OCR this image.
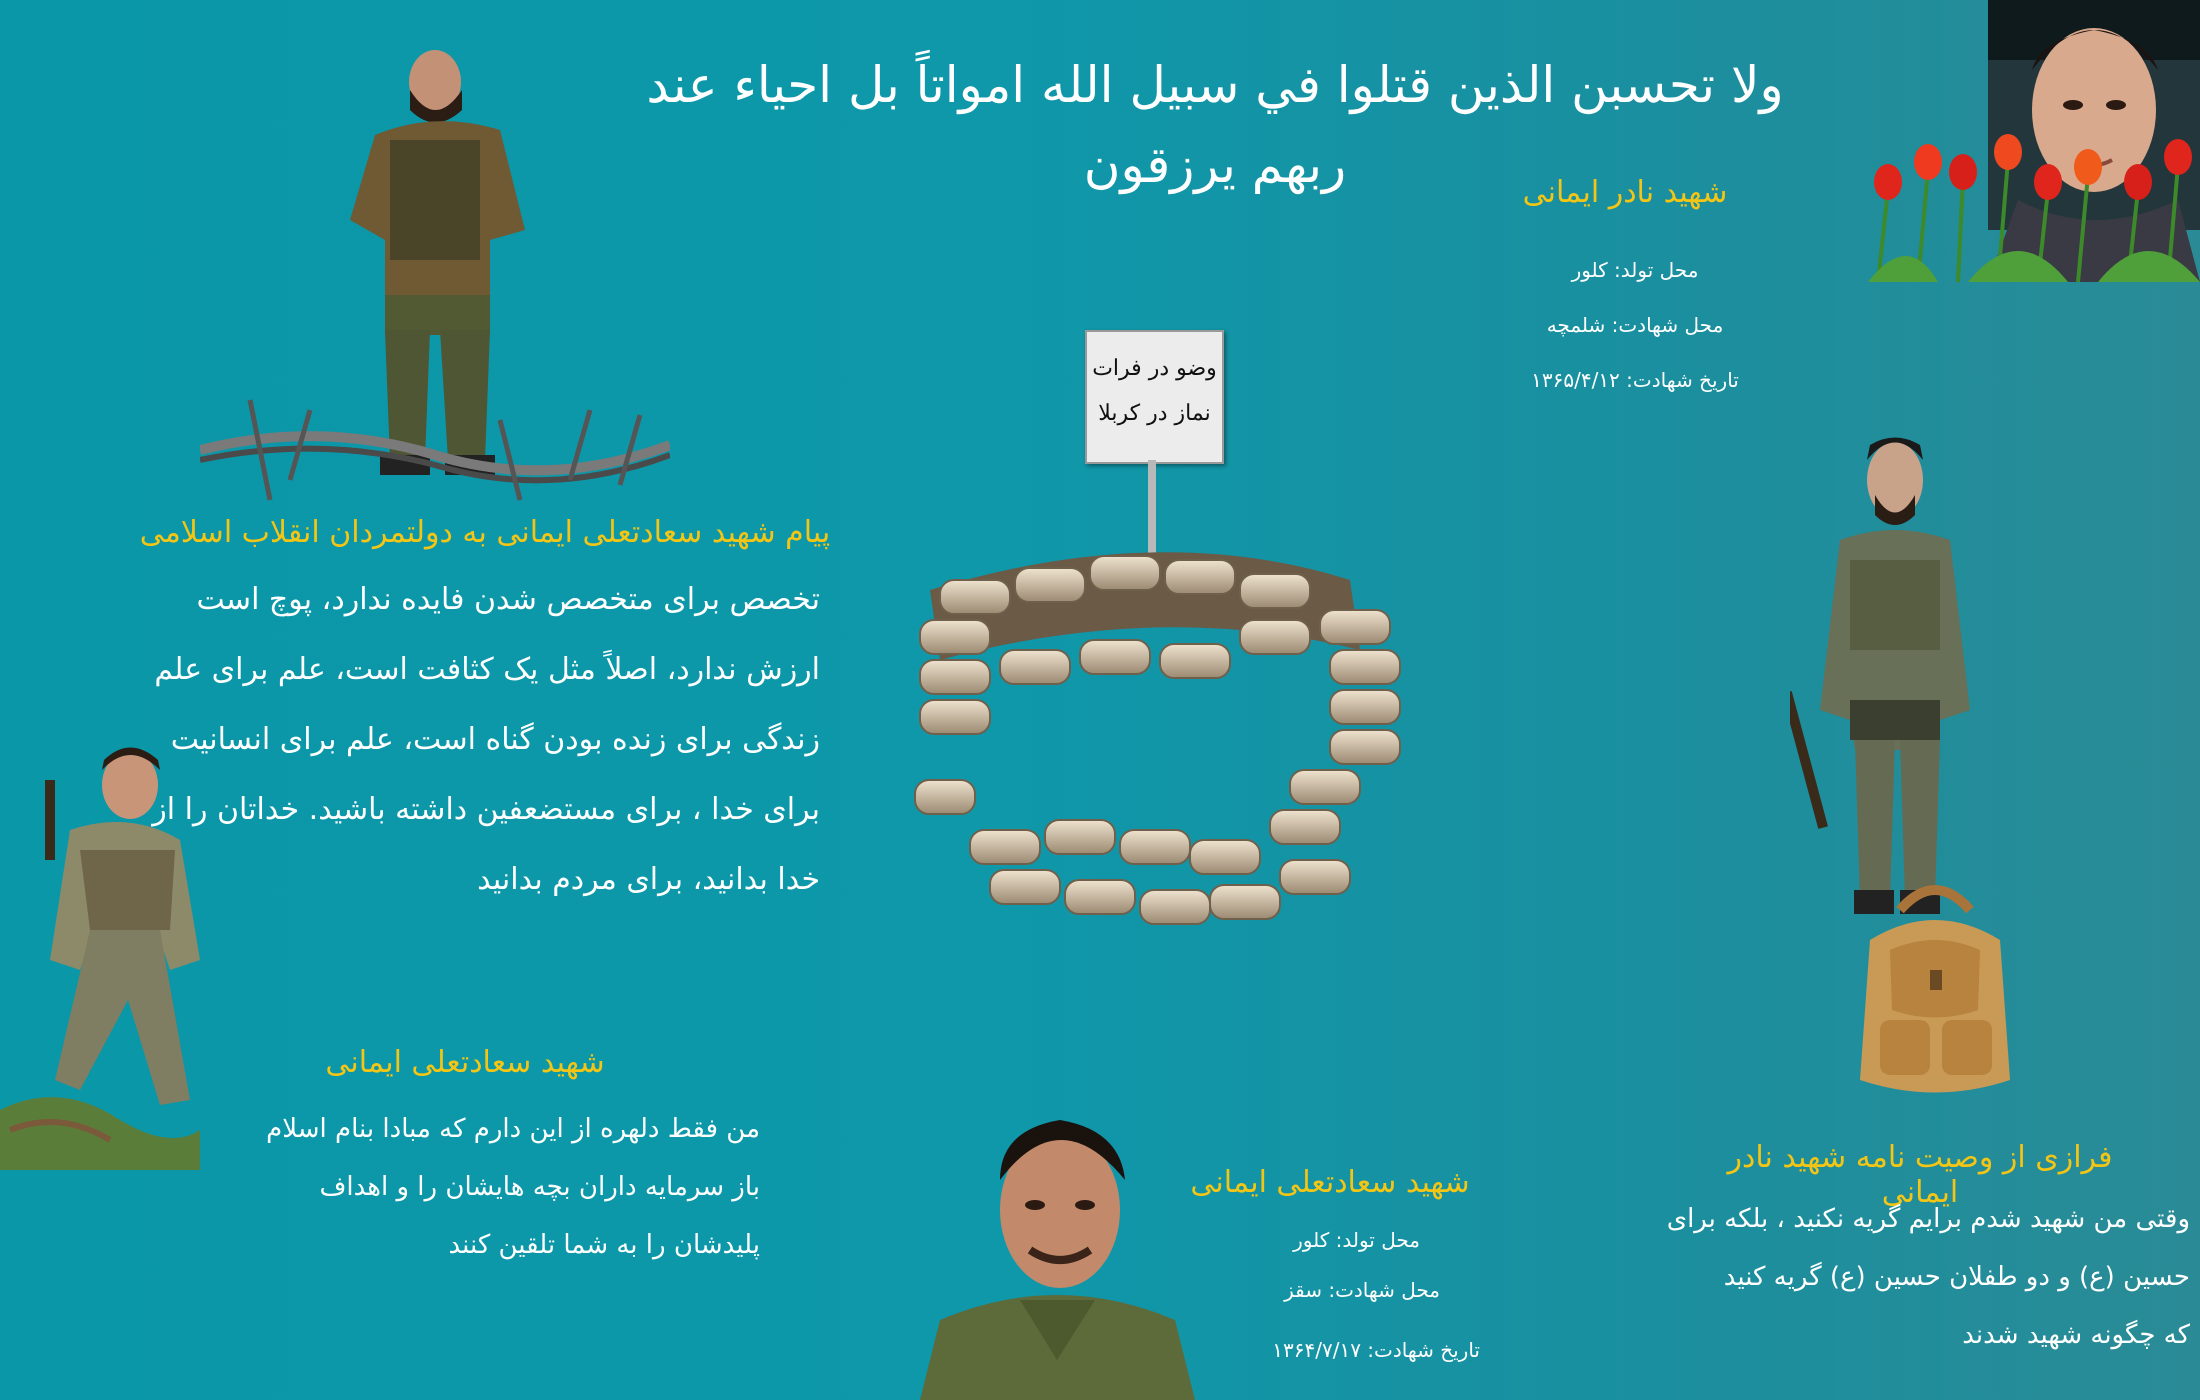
ولا تحسبن الذين قتلوا في سبيل الله امواتاً بل احياء عند ربهم يرزقون	شهید نادر ایمانی
محل تولد: کلور
محل شهادت: شلمچه
تاریخ شهادت: ۱۳۶۵/۴/۱۲
پیام شهید سعادتعلی ایمانی به دولتمردان انقلاب اسلامی
تخصص برای متخصص شدن فایده ندارد، پوچ است
ارزش ندارد، اصلاً مثل یک کثافت است، علم برای علم
زندگی برای زنده بودن گناه است، علم برای انسانیت
برای خدا ، برای مستضعفین داشته باشید. خداتان را از
خدا بدانید، برای مردم بدانید
شهید سعادتعلی ایمانی
من فقط دلهره از این دارم که مبادا بنام اسلام
باز سرمایه داران بچه هایشان را و اهداف
پلیدشان را به شما تلقین کنند
وضو در فرات
نماز در کربلا
شهید سعادتعلی ایمانی
محل تولد: کلور
محل شهادت: سقز
تاریخ شهادت: ۱۳۶۴/۷/۱۷
فرازی از وصیت نامه شهید نادر ایمانی
وقتی من شهید شدم برایم گریه نکنید ، بلکه برای
حسین (ع) و دو طفلان حسین (ع) گریه کنید
که چگونه شهید شدند
